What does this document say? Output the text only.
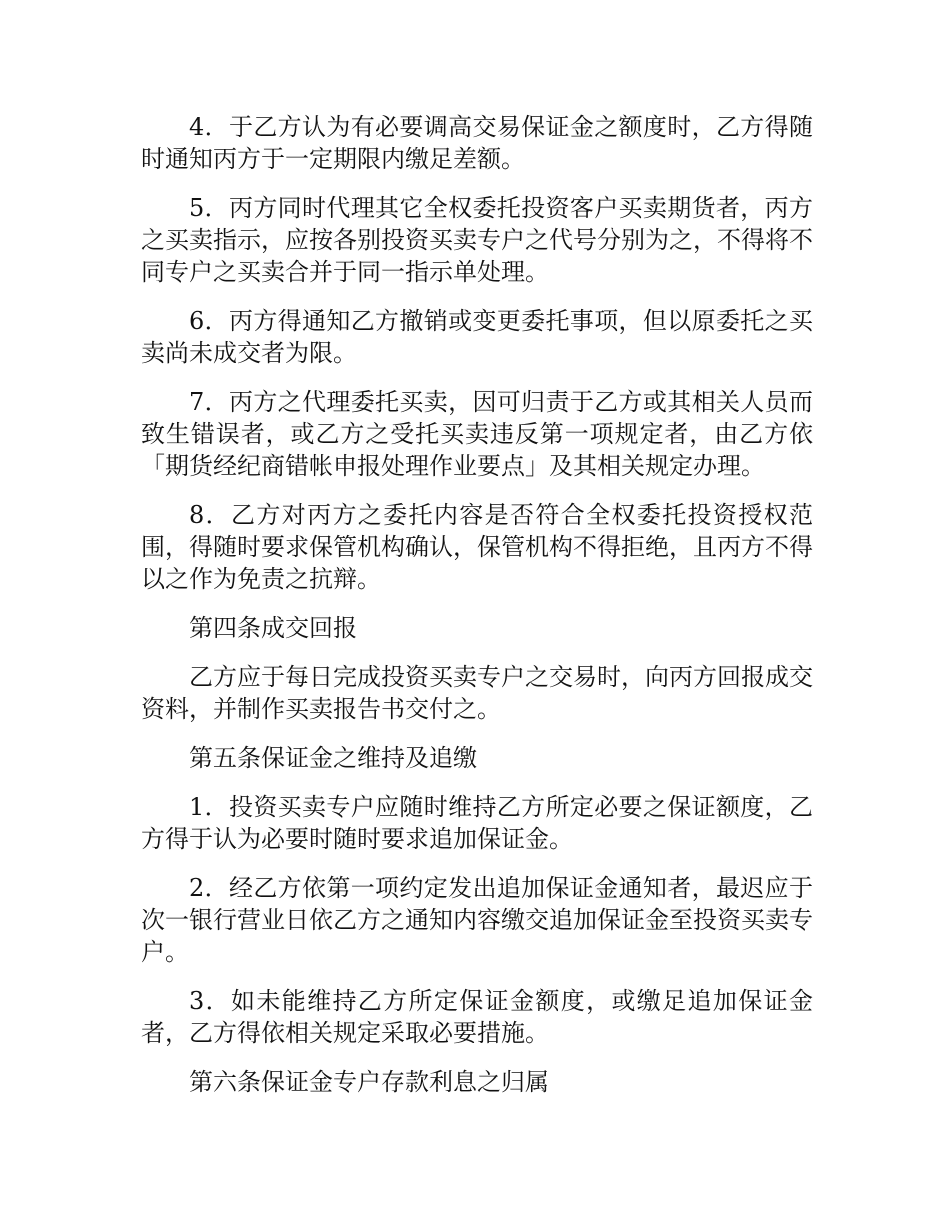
4．于乙方认为有必要调高交易保证金之额度时，乙方得随时通知丙方于一定期限内缴足差额。

5．丙方同时代理其它全权委托投资客户买卖期货者，丙方之买卖指示，应按各别投资买卖专户之代号分别为之，不得将不同专户之买卖合并于同一指示单处理。

6．丙方得通知乙方撤销或变更委托事项，但以原委托之买卖尚未成交者为限。

7．丙方之代理委托买卖，因可归责于乙方或其相关人员而致生错误者，或乙方之受托买卖违反第一项规定者，由乙方依「期货经纪商错帐申报处理作业要点」及其相关规定办理。

8．乙方对丙方之委托内容是否符合全权委托投资授权范围，得随时要求保管机构确认，保管机构不得拒绝，且丙方不得以之作为免责之抗辩。

第四条成交回报

乙方应于每日完成投资买卖专户之交易时，向丙方回报成交资料，并制作买卖报告书交付之。

第五条保证金之维持及追缴

1．投资买卖专户应随时维持乙方所定必要之保证额度，乙方得于认为必要时随时要求追加保证金。

2．经乙方依第一项约定发出追加保证金通知者，最迟应于次一银行营业日依乙方之通知内容缴交追加保证金至投资买卖专户。

3．如未能维持乙方所定保证金额度，或缴足追加保证金者，乙方得依相关规定采取必要措施。

第六条保证金专户存款利息之归属
